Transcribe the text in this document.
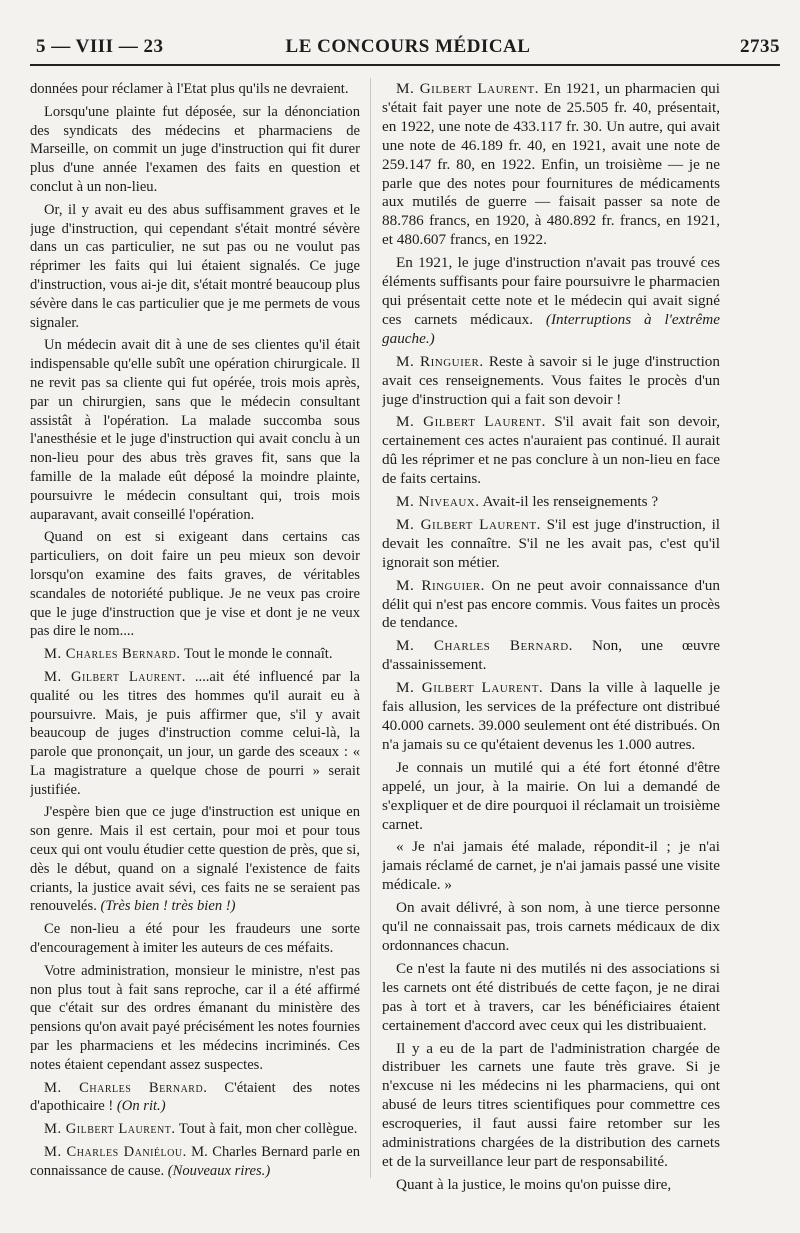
5 — VIII — 23	LE CONCOURS MÉDICAL	2735

données pour réclamer à l'Etat plus qu'ils ne devraient.

Lorsqu'une plainte fut déposée, sur la dénonciation des syndicats des médecins et pharmaciens de Marseille, on commit un juge d'instruction qui fit durer plus d'une année l'examen des faits en question et conclut à un non-lieu.

Or, il y avait eu des abus suffisamment graves et le juge d'instruction, qui cependant s'était montré sévère dans un cas particulier, ne sut pas ou ne voulut pas réprimer les faits qui lui étaient signalés. Ce juge d'instruction, vous ai-je dit, s'était montré beaucoup plus sévère dans le cas particulier que je me permets de vous signaler.

Un médecin avait dit à une de ses clientes qu'il était indispensable qu'elle subît une opération chirurgicale. Il ne revit pas sa cliente qui fut opérée, trois mois après, par un chirurgien, sans que le médecin consultant assistât à l'opération. La malade succomba sous l'anesthésie et le juge d'instruction qui avait conclu à un non-lieu pour des abus très graves fit, sans que la famille de la malade eût déposé la moindre plainte, poursuivre le médecin consultant qui, trois mois auparavant, avait conseillé l'opération.

Quand on est si exigeant dans certains cas particuliers, on doit faire un peu mieux son devoir lorsqu'on examine des faits graves, de véritables scandales de notoriété publique. Je ne veux pas croire que le juge d'instruction que je vise et dont je ne veux pas dire le nom....

M. Charles Bernard. Tout le monde le connaît.

M. Gilbert Laurent. ....ait été influencé par la qualité ou les titres des hommes qu'il aurait eu à poursuivre. Mais, je puis affirmer que, s'il y avait beaucoup de juges d'instruction comme celui-là, la parole que prononçait, un jour, un garde des sceaux : « La magistrature a quelque chose de pourri » serait justifiée.

J'espère bien que ce juge d'instruction est unique en son genre. Mais il est certain, pour moi et pour tous ceux qui ont voulu étudier cette question de près, que si, dès le début, quand on a signalé l'existence de faits criants, la justice avait sévi, ces faits ne se seraient pas renouvelés. (Très bien ! très bien !)

Ce non-lieu a été pour les fraudeurs une sorte d'encouragement à imiter les auteurs de ces méfaits.

Votre administration, monsieur le ministre, n'est pas non plus tout à fait sans reproche, car il a été affirmé que c'était sur des ordres émanant du ministère des pensions qu'on avait payé précisément les notes fournies par les pharmaciens et les médecins incriminés. Ces notes étaient cependant assez suspectes.

M. Charles Bernard. C'étaient des notes d'apothicaire ! (On rit.)

M. Gilbert Laurent. Tout à fait, mon cher collègue.

M. Charles Daniélou. M. Charles Bernard parle en connaissance de cause. (Nouveaux rires.)

M. Gilbert Laurent. En 1921, un pharmacien qui s'était fait payer une note de 25.505 fr. 40, présentait, en 1922, une note de 433.117 fr. 30. Un autre, qui avait une note de 46.189 fr. 40, en 1921, avait une note de 259.147 fr. 80, en 1922. Enfin, un troisième — je ne parle que des notes pour fournitures de médicaments aux mutilés de guerre — faisait passer sa note de 88.786 francs, en 1920, à 480.892 fr. francs, en 1921, et 480.607 francs, en 1922.

En 1921, le juge d'instruction n'avait pas trouvé ces éléments suffisants pour faire poursuivre le pharmacien qui présentait cette note et le médecin qui avait signé ces carnets médicaux. (Interruptions à l'extrême gauche.)

M. Ringuier. Reste à savoir si le juge d'instruction avait ces renseignements. Vous faites le procès d'un juge d'instruction qui a fait son devoir !

M. Gilbert Laurent. S'il avait fait son devoir, certainement ces actes n'auraient pas continué. Il aurait dû les réprimer et ne pas conclure à un non-lieu en face de faits certains.

M. Niveaux. Avait-il les renseignements ?

M. Gilbert Laurent. S'il est juge d'instruction, il devait les connaître. S'il ne les avait pas, c'est qu'il ignorait son métier.

M. Ringuier. On ne peut avoir connaissance d'un délit qui n'est pas encore commis. Vous faites un procès de tendance.

M. Charles Bernard. Non, une œuvre d'assainissement.

M. Gilbert Laurent. Dans la ville à laquelle je fais allusion, les services de la préfecture ont distribué 40.000 carnets. 39.000 seulement ont été distribués. On n'a jamais su ce qu'étaient devenus les 1.000 autres.

Je connais un mutilé qui a été fort étonné d'être appelé, un jour, à la mairie. On lui a demandé de s'expliquer et de dire pourquoi il réclamait un troisième carnet.

« Je n'ai jamais été malade, répondit-il ; je n'ai jamais réclamé de carnet, je n'ai jamais passé une visite médicale. »

On avait délivré, à son nom, à une tierce personne qu'il ne connaissait pas, trois carnets médicaux de dix ordonnances chacun.

Ce n'est la faute ni des mutilés ni des associations si les carnets ont été distribués de cette façon, je ne dirai pas à tort et à travers, car les bénéficiaires étaient certainement d'accord avec ceux qui les distribuaient.

Il y a eu de la part de l'administration chargée de distribuer les carnets une faute très grave. Si je n'excuse ni les médecins ni les pharmaciens, qui ont abusé de leurs titres scientifiques pour commettre ces escroqueries, il faut aussi faire retomber sur les administrations chargées de la distribution des carnets et de la surveillance leur part de responsabilité.

Quant à la justice, le moins qu'on puisse dire,
